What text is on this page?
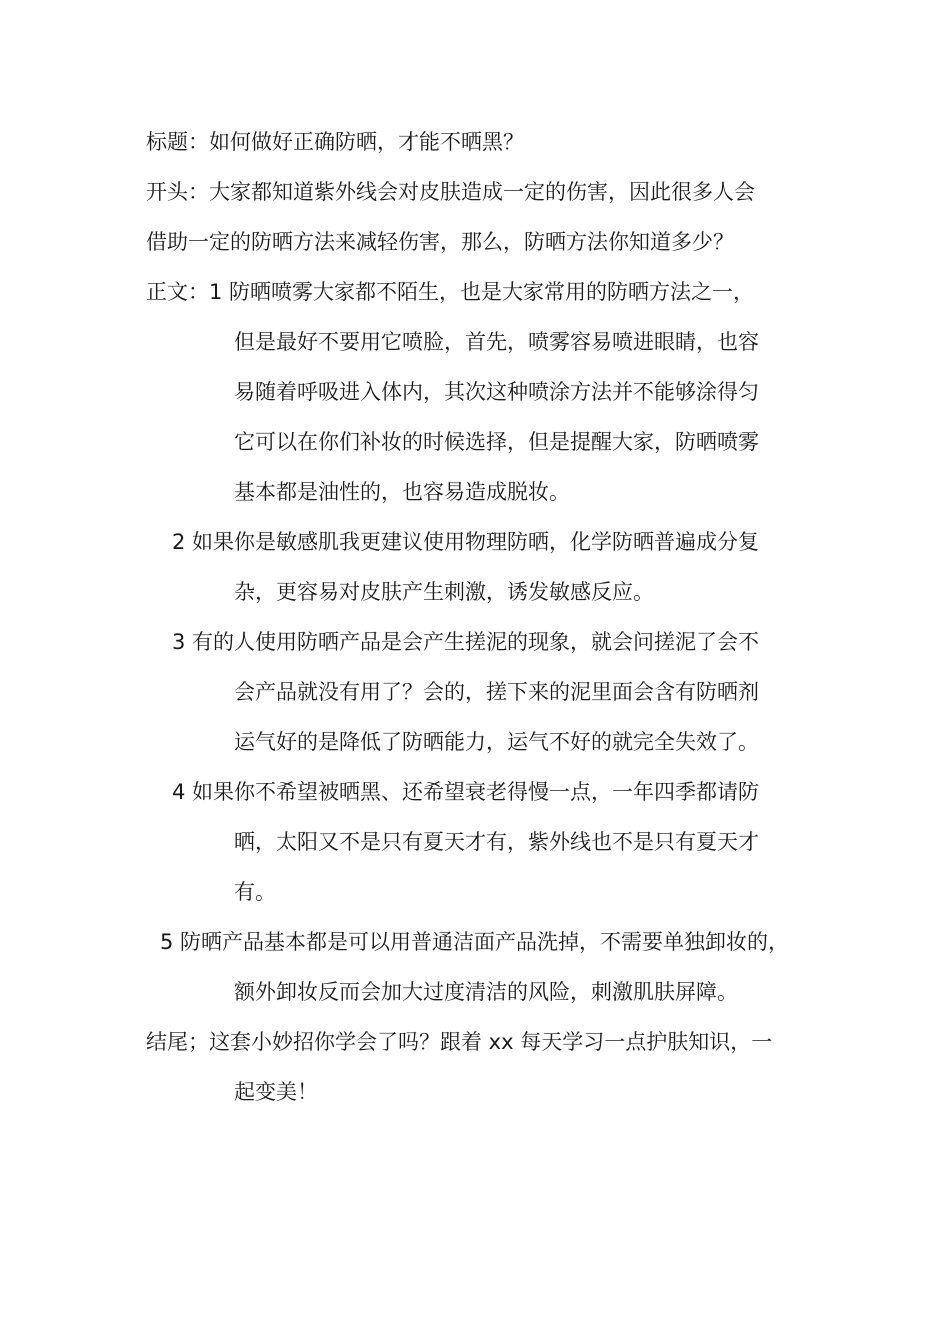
标题：如何做好正确防晒，才能不晒黑？
开头：大家都知道紫外线会对皮肤造成一定的伤害，因此很多人会
借助一定的防晒方法来减轻伤害，那么，防晒方法你知道多少？
正文：1 防晒喷雾大家都不陌生，也是大家常用的防晒方法之一，
但是最好不要用它喷脸，首先，喷雾容易喷进眼睛，也容
易随着呼吸进入体内，其次这种喷涂方法并不能够涂得匀
它可以在你们补妆的时候选择，但是提醒大家，防晒喷雾
基本都是油性的，也容易造成脱妆。
2 如果你是敏感肌我更建议使用物理防晒，化学防晒普遍成分复
杂，更容易对皮肤产生刺激，诱发敏感反应。
3 有的人使用防晒产品是会产生搓泥的现象，就会问搓泥了会不
会产品就没有用了？会的，搓下来的泥里面会含有防晒剂
运气好的是降低了防晒能力，运气不好的就完全失效了。
4 如果你不希望被晒黑、还希望衰老得慢一点，一年四季都请防
晒，太阳又不是只有夏天才有，紫外线也不是只有夏天才
有。
5 防晒产品基本都是可以用普通洁面产品洗掉，不需要单独卸妆的，
额外卸妆反而会加大过度清洁的风险，刺激肌肤屏障。
结尾；这套小妙招你学会了吗？跟着 xx 每天学习一点护肤知识，一
起变美！
